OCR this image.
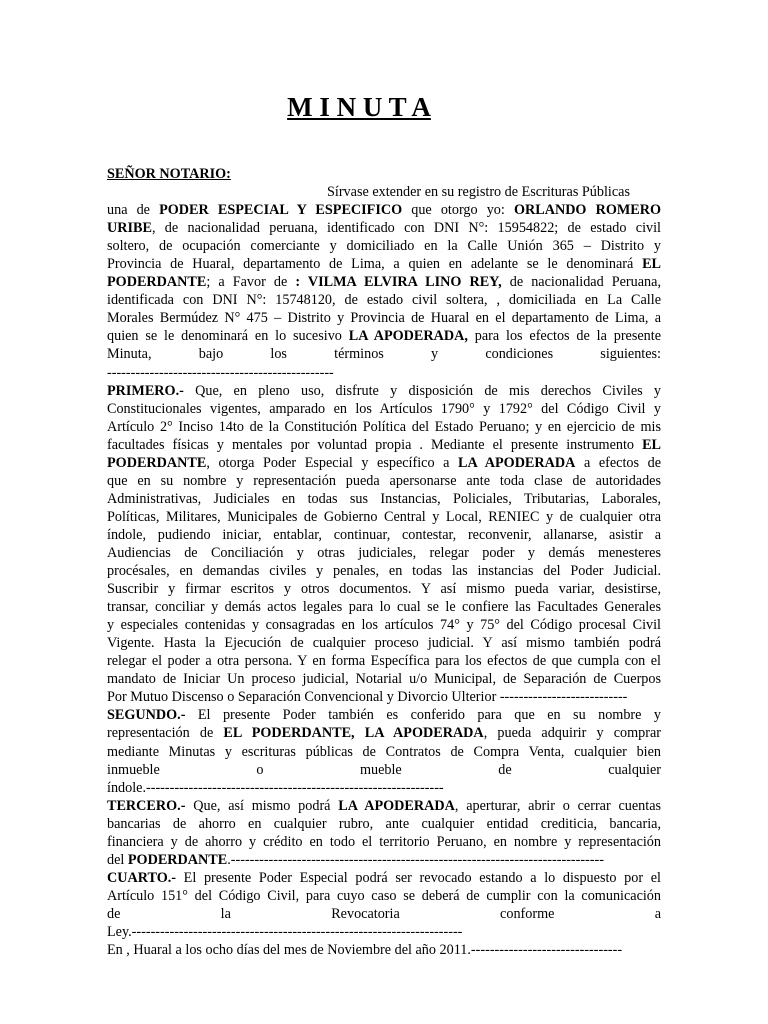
M I N U T A
SEÑOR NOTARIO:
Sírvase extender en su registro de Escrituras Públicas
una de PODER ESPECIAL Y ESPECIFICO que otorgo yo: ORLANDO ROMERO
URIBE, de nacionalidad peruana, identificado con DNI N°: 15954822; de estado civil
soltero, de ocupación comerciante y domiciliado en la Calle Unión 365 – Distrito y
Provincia de Huaral, departamento de Lima, a quien en adelante se le denominará EL
PODERDANTE; a Favor de : VILMA ELVIRA LINO REY, de nacionalidad Peruana,
identificada con DNI N°: 15748120, de estado civil soltera, , domiciliada en La Calle
Morales Bermúdez N° 475 – Distrito y Provincia de Huaral en el departamento de Lima, a
quien se le denominará en lo sucesivo LA APODERADA, para los efectos de la presente
Minuta, bajo los términos y condiciones siguientes:
------------------------------------------------
PRIMERO.- Que, en pleno uso, disfrute y disposición de mis derechos Civiles y
Constitucionales vigentes, amparado en los Artículos 1790° y 1792° del Código Civil y
Artículo 2° Inciso 14to de la Constitución Política del Estado Peruano; y en ejercicio de mis
facultades físicas y mentales por voluntad propia . Mediante el presente instrumento EL
PODERDANTE, otorga Poder Especial y específico a LA APODERADA a efectos de
que en su nombre y representación pueda apersonarse ante toda clase de autoridades
Administrativas, Judiciales en todas sus Instancias, Policiales, Tributarias, Laborales,
Políticas, Militares, Municipales de Gobierno Central y Local, RENIEC y de cualquier otra
índole, pudiendo iniciar, entablar, continuar, contestar, reconvenir, allanarse, asistir a
Audiencias de Conciliación y otras judiciales, relegar poder y demás menesteres
procésales, en demandas civiles y penales, en todas las instancias del Poder Judicial.
Suscribir y firmar escritos y otros documentos. Y así mismo pueda variar, desistirse,
transar, conciliar y demás actos legales para lo cual se le confiere las Facultades Generales
y especiales contenidas y consagradas en los artículos 74° y 75° del Código procesal Civil
Vigente. Hasta la Ejecución de cualquier proceso judicial. Y así mismo también podrá
relegar el poder a otra persona. Y en forma Específica para los efectos de que cumpla con el
mandato de Iniciar Un proceso judicial, Notarial u/o Municipal, de Separación de Cuerpos
Por Mutuo Discenso o Separación Convencional y Divorcio Ulterior ---------------------------
SEGUNDO.- El presente Poder también es conferido para que en su nombre y
representación de EL PODERDANTE, LA APODERADA, pueda adquirir y comprar
mediante Minutas y escrituras públicas de Contratos de Compra Venta, cualquier bien
inmueble o mueble de cualquier
índole.---------------------------------------------------------------
TERCERO.- Que, así mismo podrá LA APODERADA, aperturar, abrir o cerrar cuentas
bancarias de ahorro en cualquier rubro, ante cualquier entidad crediticia, bancaria,
financiera y de ahorro y crédito en todo el territorio Peruano, en nombre y representación
del PODERDANTE.-------------------------------------------------------------------------------
CUARTO.- El presente Poder Especial podrá ser revocado estando a lo dispuesto por el
Artículo 151° del Código Civil, para cuyo caso se deberá de cumplir con la comunicación
de la Revocatoria conforme a
Ley.----------------------------------------------------------------------
En , Huaral a los ocho días del mes de Noviembre del año 2011.--------------------------------
